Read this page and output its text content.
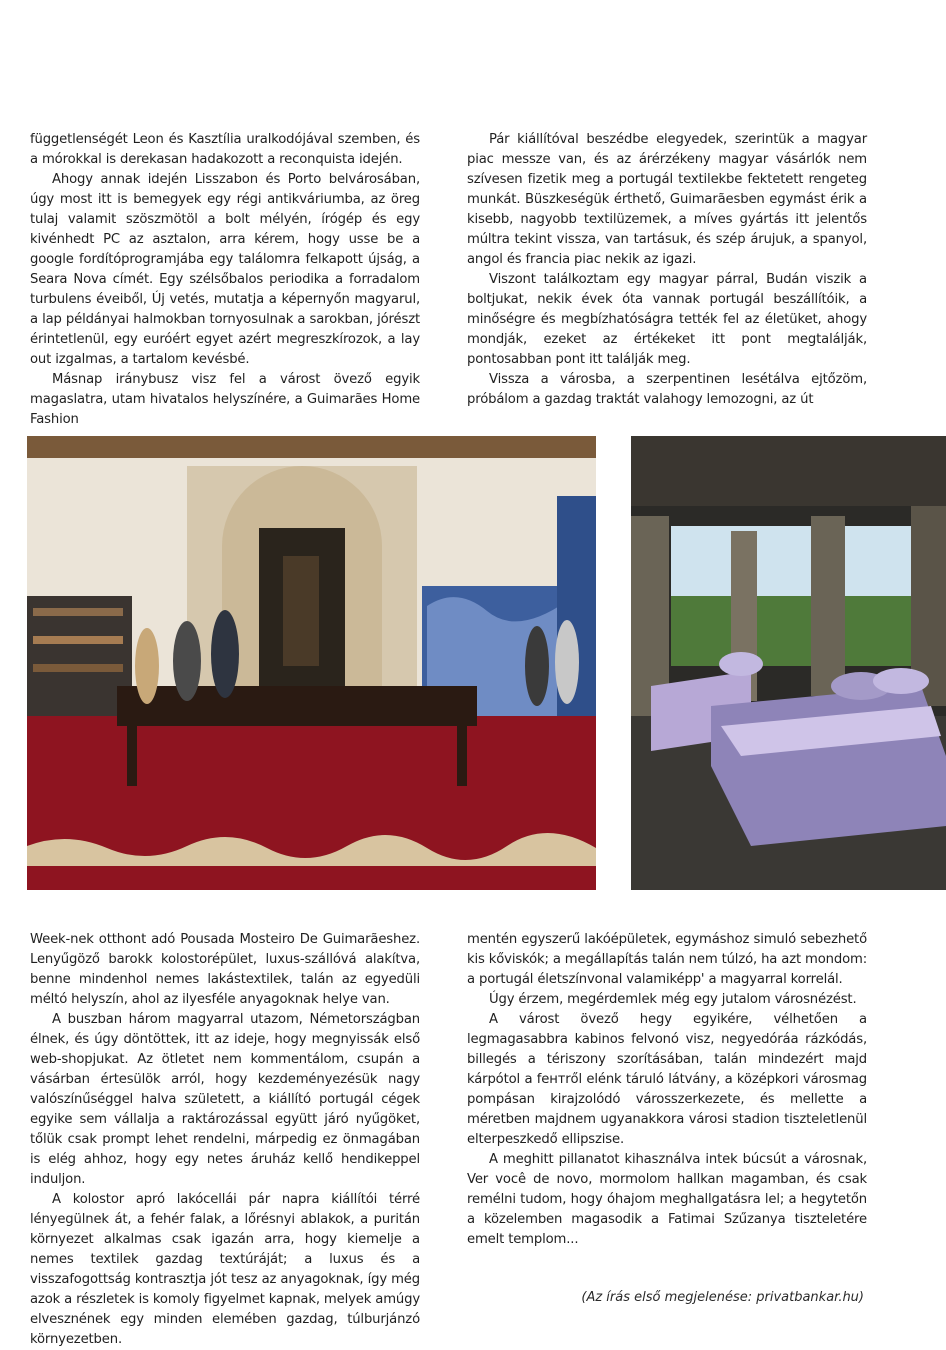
függetlenségét Leon és Kasztília uralkodójával szemben, és a mórokkal is derekasan hadakozott a reconquista idején.

Ahogy annak idején Lisszabon és Porto belvárosában, úgy most itt is bemegyek egy régi antikváriumba, az öreg tulaj valamit szöszmötöl a bolt mélyén, írógép és egy kivénhedt PC az asztalon, arra kérem, hogy usse be a google fordítóprogramjába egy találomra felkapott újság, a Seara Nova címét. Egy szélsőbalos periodika a forradalom turbulens éveiből, Új vetés, mutatja a képernyőn magyarul, a lap példányai halmokban tornyosulnak a sarokban, jórészt érintetlenül, egy euróért egyet azért megreszkírozok, a lay out izgalmas, a tartalom kevésbé.

Másnap iránybusz visz fel a várost övező egyik magaslatra, utam hivatalos helyszínére, a Guimarães Home Fashion

Pár kiállítóval beszédbe elegyedek, szerintük a magyar piac messze van, és az árérzékeny magyar vásárlók nem szívesen fizetik meg a portugál textilekbe fektetett rengeteg munkát. Büszkeségük érthető, Guimarãesben egymást érik a kisebb, nagyobb textilüzemek, a míves gyártás itt jelentős múltra tekint vissza, van tartásuk, és szép árujuk, a spanyol, angol és francia piac nekik az igazi.

Viszont találkoztam egy magyar párral, Budán viszik a boltjukat, nekik évek óta vannak portugál beszállítóik, a minőségre és megbízhatóságra tették fel az életüket, ahogy mondják, ezeket az értékeket itt pont megtalálják, pontosabban pont itt találják meg.

Vissza a városba, a szerpentinen lesétálva ejtőzöm, próbálom a gazdag traktát valahogy lemozogni, az út

Week-nek otthont adó Pousada Mosteiro De Guimarãeshez. Lenyűgöző barokk kolostorépület, luxus-szállóvá alakítva, benne mindenhol nemes lakástextilek, talán az egyedüli méltó helyszín, ahol az ilyesféle anyagoknak helye van.

A buszban három magyarral utazom, Németországban élnek, és úgy döntöttek, itt az ideje, hogy megnyissák első web-shopjukat. Az ötletet nem kommentálom, csupán a vásárban értesülök arról, hogy kezdeményezésük nagy valószínűséggel halva született, a kiállító portugál cégek egyike sem vállalja a raktározással együtt járó nyűgöket, tőlük csak prompt lehet rendelni, márpedig ez önmagában is elég ahhoz, hogy egy netes áruház kellő hendikeppel induljon.

A kolostor apró lakócellái pár napra kiállítói térré lényegülnek át, a fehér falak, a lőrésnyi ablakok, a puritán környezet alkalmas csak igazán arra, hogy kiemelje a nemes textilek gazdag textúráját; a luxus és a visszafogottság kontrasztja jót tesz az anyagoknak, így még azok a részletek is komoly figyelmet kapnak, melyek amúgy elvesznének egy minden elemében gazdag, túlburjánzó környezetben.

mentén egyszerű lakóépületek, egymáshoz simuló sebezhető kis kőviskók; a megállapítás talán nem túlzó, ha azt mondom: a portugál életszínvonal valamiképp' a magyarral korrelál.

Úgy érzem, megérdemlek még egy jutalom városnézést.

A várost övező hegy egyikére, vélhetően a legmagasabbra kabinos felvonó visz, negyedóráa rázkódás, billegés a tériszony szorításában, talán mindezért majd kárpótol a fентről elénk táruló látvány, a középkori városmag pompásan kirajzolódó városszerkezete, és mellette a méretben majdnem ugyanakkora városi stadion tiszteletlenül elterpeszkedő ellipszise.

A meghitt pillanatot kihasználva intek búcsút a városnak, Ver você de novo, mormolom hallkan magamban, és csak remélni tudom, hogy óhajom meghallgatásra lel; a hegytetőn a közelemben magasodik a Fatimai Szűzanya tiszteletére emelt templom...

(Az írás első megjelenése: privatbankar.hu)
